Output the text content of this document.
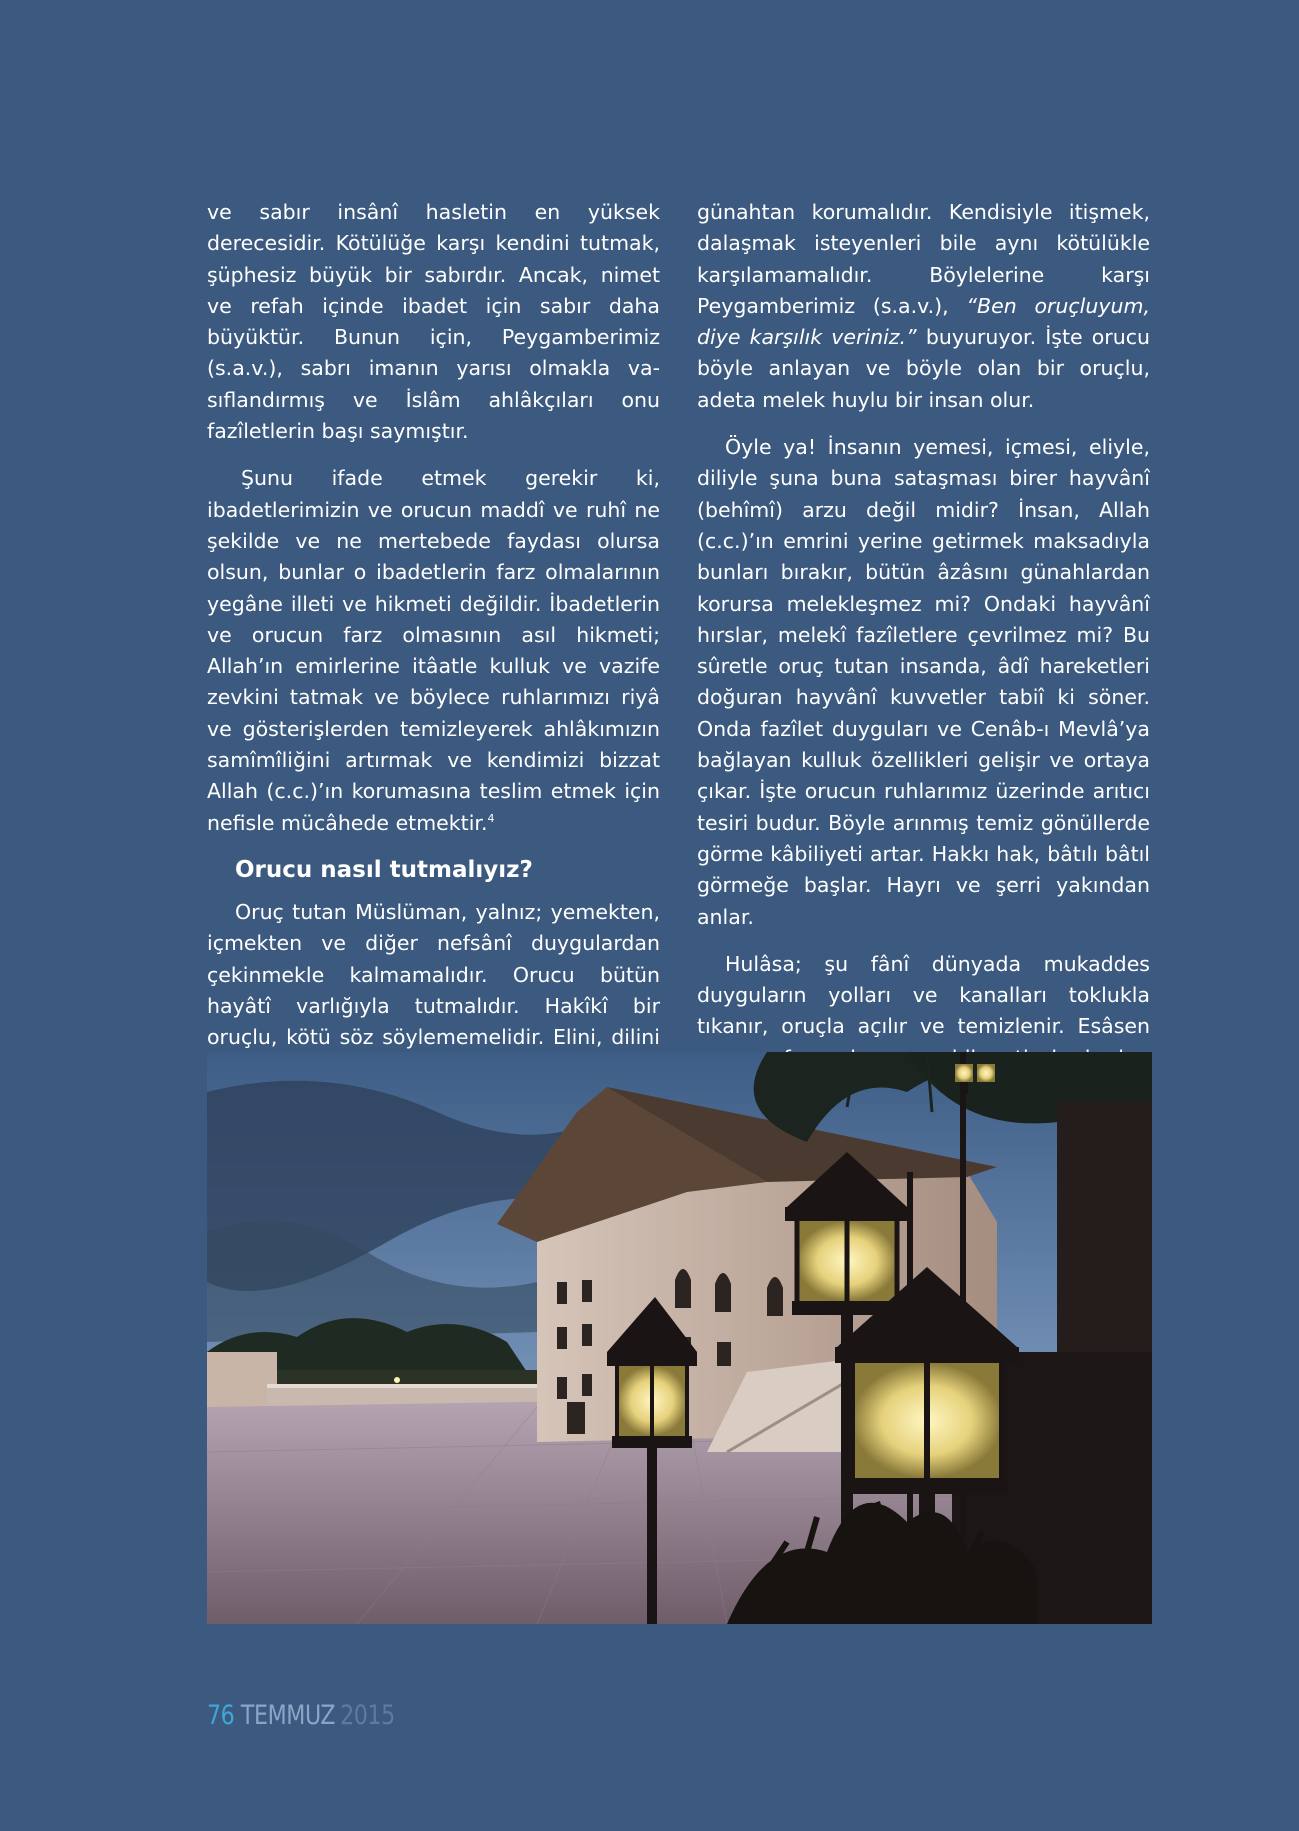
ve sabır insânî hasletin en yüksek derecesidir. Kötülüğe karşı kendini tutmak, şüphesiz büyük bir sabırdır. Ancak, nimet ve refah içinde ibadet için sabır daha büyüktür. Bunun için, Peygamberimiz (s.a.v.), sabrı imanın yarısı olmakla vasıflandırmış ve İslâm ahlâkçıları onu fazîletlerin başı saymıştır.

Şunu ifade etmek gerekir ki, ibadetlerimizin ve orucun maddî ve ruhî ne şekilde ve ne mertebede faydası olursa olsun, bunlar o ibadetlerin farz olmalarının yegâne illeti ve hikmeti değildir. İbadetlerin ve orucun farz olmasının asıl hikmeti; Allah’ın emirlerine itâatle kulluk ve vazife zevkini tatmak ve böylece ruhlarımızı riyâ ve gösterişlerden temizleyerek ahlâkımızın samîmîliğini artırmak ve kendimizi bizzat Allah (c.c.)’ın korumasına teslim etmek için nefisle mücâhede etmektir.$^4$

Orucu nasıl tutmalıyız?

Oruç tutan Müslüman, yalnız; yemekten, içmekten ve diğer nefsânî duygulardan çekinmekle kalmamalıdır. Orucu bütün hayâtî varlığıyla tutmalıdır. Hakîkî bir oruçlu, kötü söz söylememelidir. Elini, dilini

günahtan korumalıdır. Kendisiyle itişmek, dalaşmak isteyenleri bile aynı kötülükle karşılamamalıdır. Böylelerine karşı Peygamberimiz (s.a.v.), “Ben oruçluyum, diye karşılık veriniz.” buyuruyor. İşte orucu böyle anlayan ve böyle olan bir oruçlu, adeta melek huylu bir insan olur.

Öyle ya! İnsanın yemesi, içmesi, eliyle, diliyle şuna buna sataşması birer hayvânî (behîmî) arzu değil midir? İnsan, Allah (c.c.)’ın emrini yerine getirmek maksadıyla bunları bırakır, bütün âzâsını günahlardan korursa melekleşmez mi? Ondaki hayvânî hırslar, melekî fazîletlere çevrilmez mi? Bu sûretle oruç tutan insanda, âdî hareketleri doğuran hayvânî kuvvetler tabiî ki söner. Onda fazîlet duyguları ve Cenâb-ı Mevlâ’ya bağlayan kulluk özellikleri gelişir ve ortaya çıkar. İşte orucun ruhlarımız üzerinde arıtıcı tesiri budur. Böyle arınmış temiz gönüllerde görme kâbiliyeti artar. Hakkı hak, bâtılı bâtıl görmeğe başlar. Hayrı ve şerri yakından anlar.

Hulâsa; şu fânî dünyada mukaddes duyguların yolları ve kanalları toklukla tıkanır, oruçla açılır ve temizlenir. Esâsen

76 TEMMUZ 2015
